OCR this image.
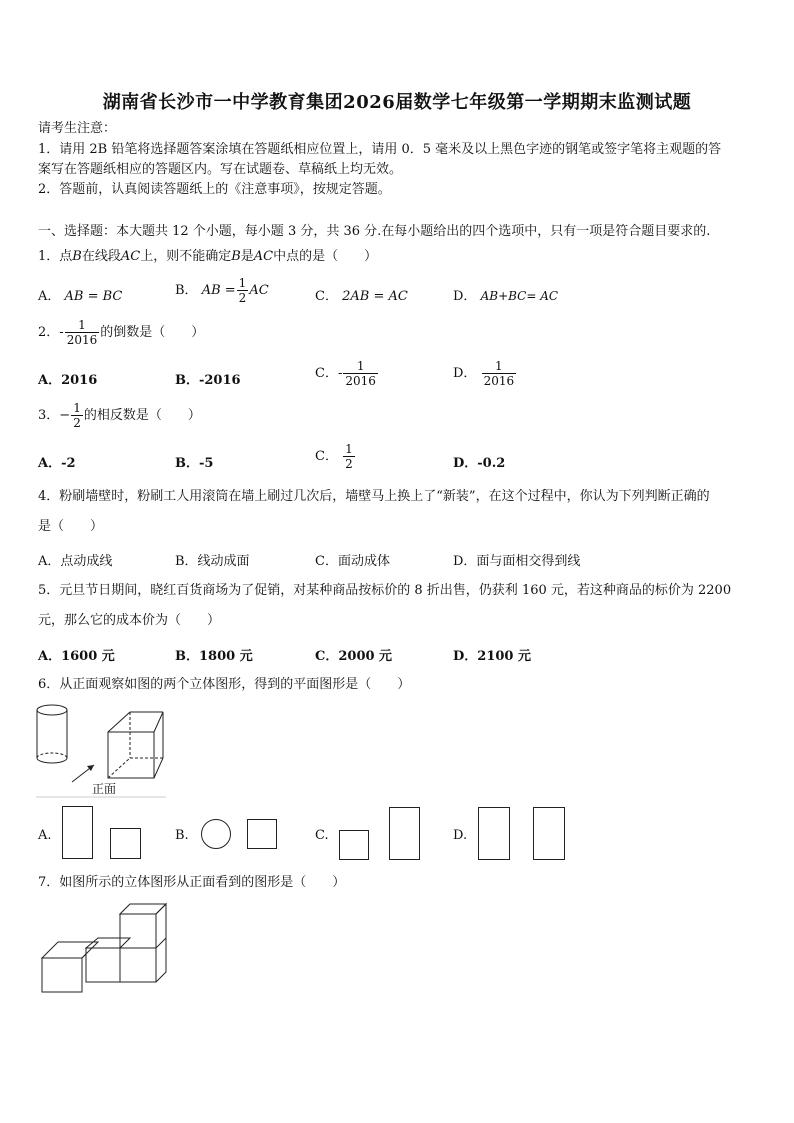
湖南省长沙市一中学教育集团2026届数学七年级第一学期期末监测试题
请考生注意：
1．请用 2B 铅笔将选择题答案涂填在答题纸相应位置上，请用 0．5 毫米及以上黑色字迹的钢笔或签字笔将主观题的答
案写在答题纸相应的答题区内。写在试题卷、草稿纸上均无效。
2．答题前，认真阅读答题纸上的《注意事项》，按规定答题。
一、选择题：本大题共 12 个小题，每小题 3 分，共 36 分.在每小题给出的四个选项中，只有一项是符合题目要求的.
1．点B在线段AC上，则不能确定B是AC中点的是（　　）
A． AB = BC	B． AB = $\frac{1}{2}$ AC	C． 2AB = AC	D． AB+BC= AC
2．- $\frac{1}{2016}$ 的倒数是（　　）
A．2016	B．-2016	C．- $\frac{1}{2016}$	D． $\frac{1}{2016}$
3．− $\frac{1}{2}$ 的相反数是（　　）
A．-2	B．-5	C． $\frac{1}{2}$	D．-0.2
4．粉刷墙壁时，粉刷工人用滚筒在墙上刷过几次后，墙壁马上换上了“新装”，在这个过程中，你认为下列判断正确的
是（　　）
A．点动成线	B．线动成面	C．面动成体	D．面与面相交得到线
5．元旦节日期间，晓红百货商场为了促销，对某种商品按标价的 8 折出售，仍获利 160 元，若这种商品的标价为 2200
元，那么它的成本价为（　　）
A．1600 元	B．1800 元	C．2000 元	D．2100 元
6．从正面观察如图的两个立体图形，得到的平面图形是（　　）
正面
A.	B.	C.	D.
7．如图所示的立体图形从正面看到的图形是（　　）
